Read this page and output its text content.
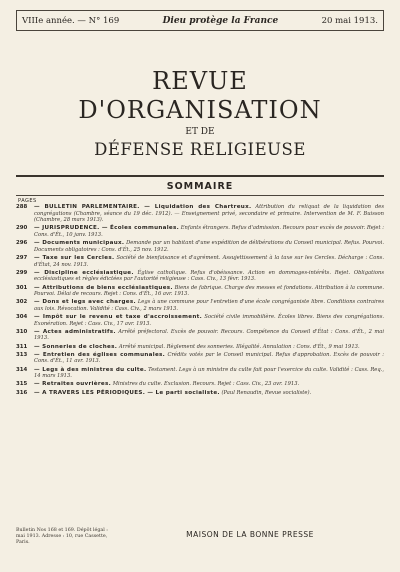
VIIIe année. — N° 169	Dieu protège la France	20 mai 1913.
REVUE
D'ORGANISATION
ET DE
DÉFENSE RELIGIEUSE
SOMMAIRE
PAGES
288	— BULLETIN PARLEMENTAIRE. — Liquidation des Chartreux. Attribution du reliquat de la liquidation des congrégations (Chambre, séance du 19 déc. 1912). — Enseignement privé, secondaire et primaire. Intervention de M. F. Buisson (Chambre, 28 mars 1913).
290	— JURISPRUDENCE. — Écoles communales. Enfants étrangers. Refus d'admission. Recours pour excès de pouvoir. Rejet : Cons. d'Ét., 10 janv. 1913.
296	— Documents municipaux. Demande par un habitant d'une expédition de délibérations du Conseil municipal. Refus. Pourvoi. Documents obligatoires : Cons. d'Ét., 25 nov. 1912.
297	— Taxe sur les Cercles. Société de bienfaisance et d'agrément. Assujettissement à la taxe sur les Cercles. Décharge : Cons. d'État, 24 nov. 1913.
299	— Discipline ecclésiastique. Église catholique. Refus d'obéissance. Action en dommages-intérêts. Rejet. Obligations ecclésiastiques et règles édictées par l'autorité religieuse : Cass. Civ., 13 févr. 1913.
301	— Attributions de biens ecclésiastiques. Biens de fabrique. Charge des messes et fondations. Attribution à la commune. Pourvoi. Délai de recours. Rejet : Cons. d'Ét., 16 avr. 1913.
302	— Dons et legs avec charges. Legs à une commune pour l'entretien d'une école congréganiste libre. Conditions contraires aux lois. Révocation. Validité : Cass. Civ., 2 mars 1913.
304	— Impôt sur le revenu et taxe d'accroissement. Société civile immobilière. Écoles libres. Biens des congrégations. Exonération. Rejet : Cass. Civ., 17 avr. 1913.
310	— Actes administratifs. Arrêté préfectoral. Excès de pouvoir. Recours. Compétence du Conseil d'État : Cons. d'Ét., 2 mai 1913.
311	— Sonneries de cloches. Arrêté municipal. Règlement des sonneries. Illégalité. Annulation : Cons. d'Ét., 9 mai 1913.
313	— Entretien des églises communales. Crédits votés par le Conseil municipal. Refus d'approbation. Excès de pouvoir : Cons. d'Ét., 11 avr. 1913.
314	— Legs à des ministres du culte. Testament. Legs à un ministre du culte fait pour l'exercice du culte. Validité : Cass. Req., 14 mars 1913.
315	— Retraites ouvrières. Ministres du culte. Exclusion. Recours. Rejet : Cass. Civ., 23 avr. 1913.
316	— A TRAVERS LES PÉRIODIQUES. — Le parti socialiste. (Paul Renaudin, Revue socialiste).
Bulletin Nos 168 et 169. Dépôt légal : mai 1913. Adresse : 10, rue Cassette, Paris.
MAISON DE LA BONNE PRESSE
